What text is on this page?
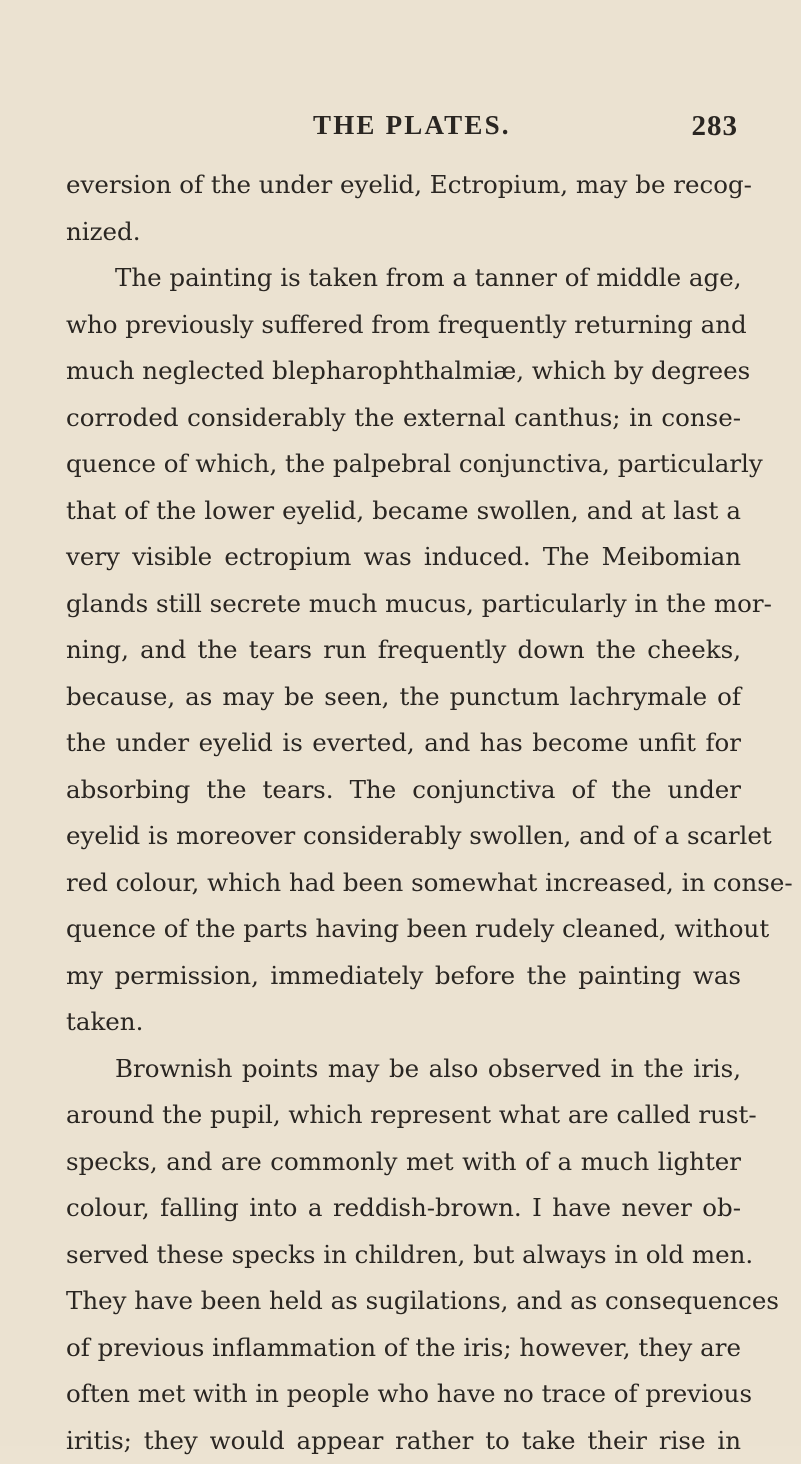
THE PLATES.	283
eversion of the under eyelid, Ectropium, may be recog-
nized.
The painting is taken from a tanner of middle age,
who previously suffered from frequently returning and
much neglected blepharophthalmiæ, which by degrees
corroded considerably the external canthus; in conse-
quence of which, the palpebral conjunctiva, particularly
that of the lower eyelid, became swollen, and at last a
very visible ectropium was induced. The Meibomian
glands still secrete much mucus, particularly in the mor-
ning, and the tears run frequently down the cheeks,
because, as may be seen, the punctum lachrymale of
the under eyelid is everted, and has become unfit for
absorbing the tears. The conjunctiva of the under
eyelid is moreover considerably swollen, and of a scarlet
red colour, which had been somewhat increased, in conse-
quence of the parts having been rudely cleaned, without
my permission, immediately before the painting was
taken.
Brownish points may be also observed in the iris,
around the pupil, which represent what are called rust-
specks, and are commonly met with of a much lighter
colour, falling into a reddish-brown. I have never ob-
served these specks in children, but always in old men.
They have been held as sugilations, and as consequences
of previous inflammation of the iris; however, they are
often met with in people who have no trace of previous
iritis; they would appear rather to take their rise in
